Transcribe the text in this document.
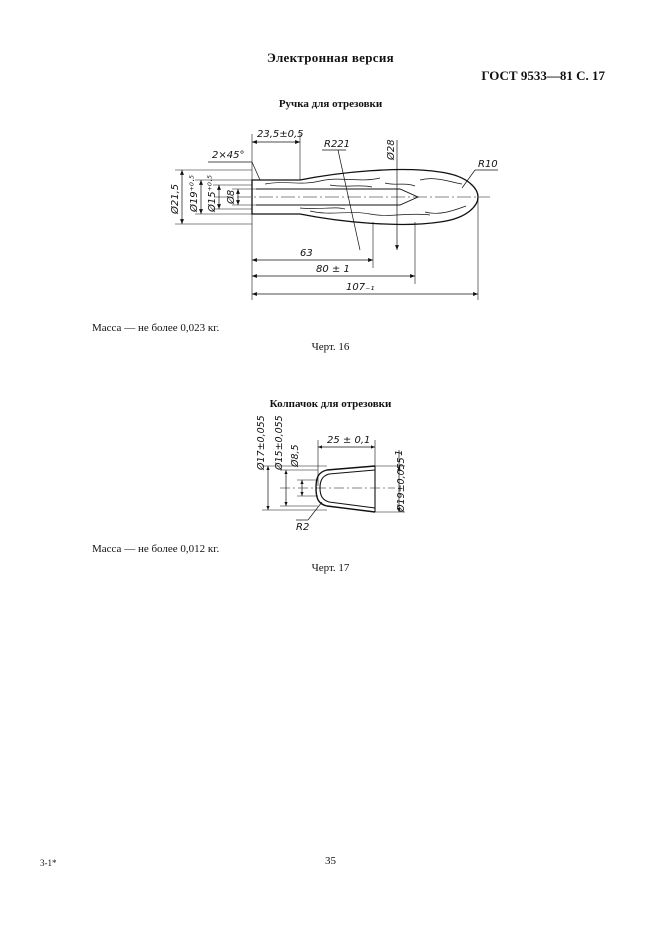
Электронная версия
ГОСТ 9533—81 С. 17
Ручка для отрезовки
Ø21,5 Ø19⁺⁰·⁵ Ø15⁺⁰·⁵ Ø8
2×45°
23,5±0,5
R221	Ø28
R10
63
80 ± 1
107₋₁
Масса — не более 0,023 кг.
Черт. 16
Колпачок для отрезовки
Ø17±0,055 Ø15±0,055 Ø8,5
25 ± 0,1
1
Ø19±0,055
R2
Масса — не более 0,012 кг.
Черт. 17
3-1*	35
